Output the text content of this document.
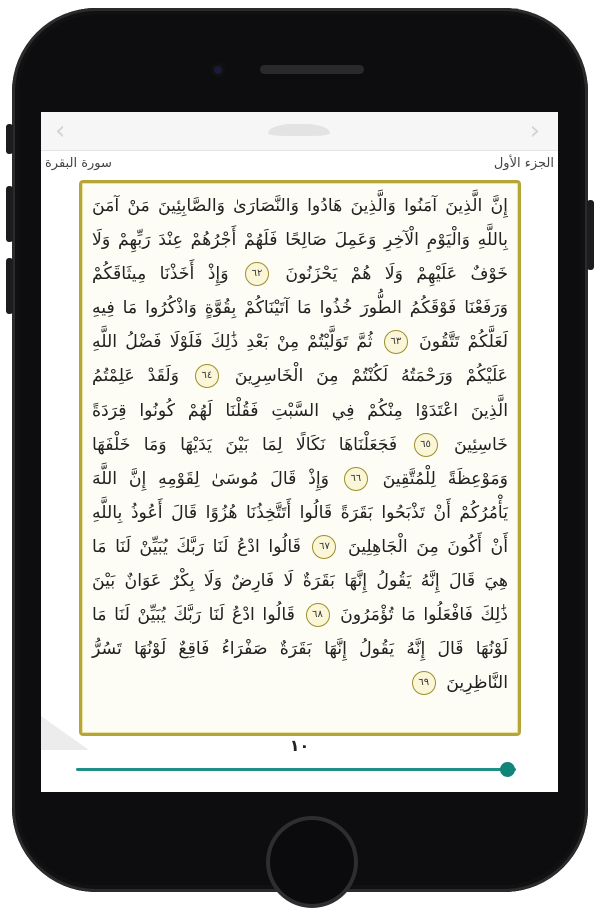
‹	›
الجزء الأول
سورة البقرة
إِنَّ الَّذِينَ آمَنُوا وَالَّذِينَ هَادُوا وَالنَّصَارَىٰ وَالصَّابِئِينَ مَنْ آمَنَ بِاللَّهِ وَالْيَوْمِ الْآخِرِ وَعَمِلَ صَالِحًا فَلَهُمْ أَجْرُهُمْ عِنْدَ رَبِّهِمْ وَلَا خَوْفٌ عَلَيْهِمْ وَلَا هُمْ يَحْزَنُونَ ٦٢ وَإِذْ أَخَذْنَا مِيثَاقَكُمْ وَرَفَعْنَا فَوْقَكُمُ الطُّورَ خُذُوا مَا آتَيْنَاكُمْ بِقُوَّةٍ وَاذْكُرُوا مَا فِيهِ لَعَلَّكُمْ تَتَّقُونَ ٦٣ ثُمَّ تَوَلَّيْتُمْ مِنْ بَعْدِ ذَٰلِكَ فَلَوْلَا فَضْلُ اللَّهِ عَلَيْكُمْ وَرَحْمَتُهُ لَكُنْتُمْ مِنَ الْخَاسِرِينَ ٦٤ وَلَقَدْ عَلِمْتُمُ الَّذِينَ اعْتَدَوْا مِنْكُمْ فِي السَّبْتِ فَقُلْنَا لَهُمْ كُونُوا قِرَدَةً خَاسِئِينَ ٦٥ فَجَعَلْنَاهَا نَكَالًا لِمَا بَيْنَ يَدَيْهَا وَمَا خَلْفَهَا وَمَوْعِظَةً لِلْمُتَّقِينَ ٦٦ وَإِذْ قَالَ مُوسَىٰ لِقَوْمِهِ إِنَّ اللَّهَ يَأْمُرُكُمْ أَنْ تَذْبَحُوا بَقَرَةً قَالُوا أَتَتَّخِذُنَا هُزُوًا قَالَ أَعُوذُ بِاللَّهِ أَنْ أَكُونَ مِنَ الْجَاهِلِينَ ٦٧ قَالُوا ادْعُ لَنَا رَبَّكَ يُبَيِّنْ لَنَا مَا هِيَ قَالَ إِنَّهُ يَقُولُ إِنَّهَا بَقَرَةٌ لَا فَارِضٌ وَلَا بِكْرٌ عَوَانٌ بَيْنَ ذَٰلِكَ فَافْعَلُوا مَا تُؤْمَرُونَ ٦٨ قَالُوا ادْعُ لَنَا رَبَّكَ يُبَيِّنْ لَنَا مَا لَوْنُهَا قَالَ إِنَّهُ يَقُولُ إِنَّهَا بَقَرَةٌ صَفْرَاءُ فَاقِعٌ لَوْنُهَا تَسُرُّ النَّاظِرِينَ ٦٩
١٠
